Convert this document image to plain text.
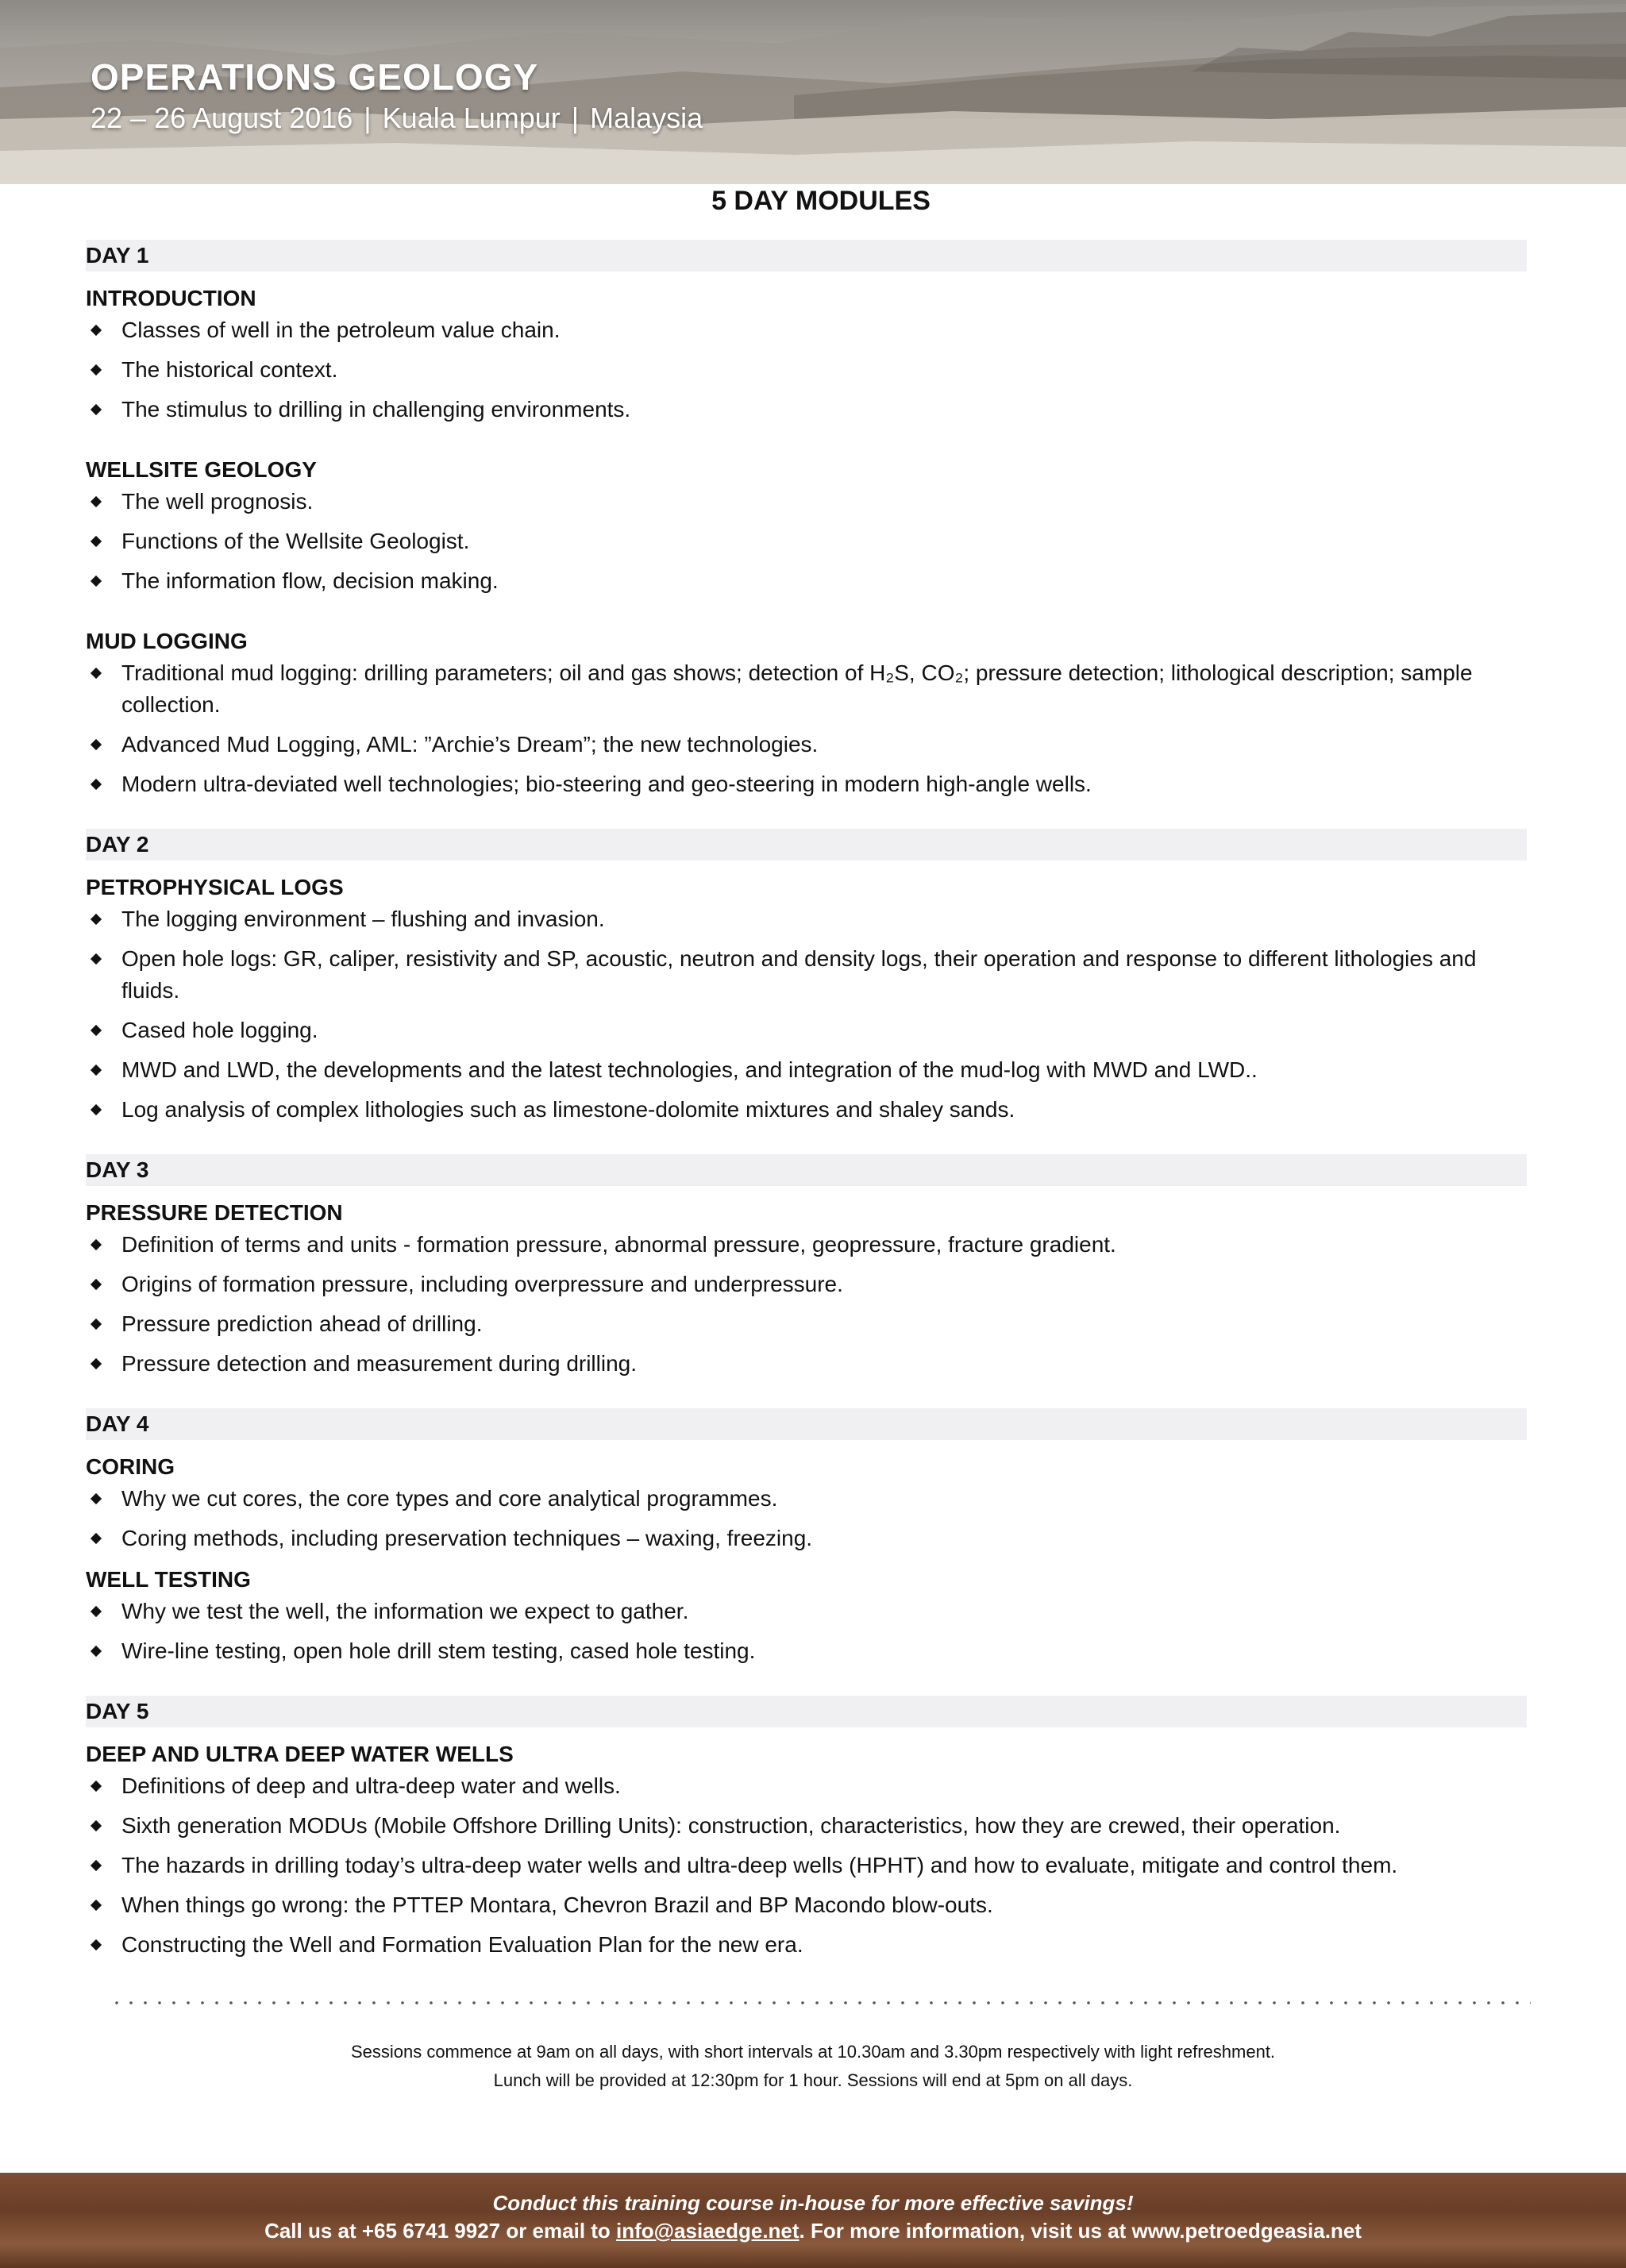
OPERATIONS GEOLOGY

22 – 26 August 2016 | Kuala Lumpur | Malaysia

5 DAY MODULES
DAY 1
INTRODUCTION
Classes of well in the petroleum value chain.
The historical context.
The stimulus to drilling in challenging environments.
WELLSITE GEOLOGY
The well prognosis.
Functions of the Wellsite Geologist.
The information flow, decision making.
MUD LOGGING
Traditional mud logging: drilling parameters; oil and gas shows; detection of H₂S, CO₂; pressure detection; lithological description; sample collection.
Advanced Mud Logging, AML: ”Archie’s Dream”; the new technologies.
Modern ultra-deviated well technologies; bio-steering and geo-steering in modern high-angle wells.
DAY 2
PETROPHYSICAL LOGS
The logging environment – flushing and invasion.
Open hole logs: GR, caliper, resistivity and SP, acoustic, neutron and density logs, their operation and response to different lithologies and fluids.
Cased hole logging.
MWD and LWD, the developments and the latest technologies, and integration of the mud-log with MWD and LWD..
Log analysis of complex lithologies such as limestone-dolomite mixtures and shaley sands.
DAY 3
PRESSURE DETECTION
Definition of terms and units - formation pressure, abnormal pressure, geopressure, fracture gradient.
Origins of formation pressure, including overpressure and underpressure.
Pressure prediction ahead of drilling.
Pressure detection and measurement during drilling.
DAY 4
CORING
Why we cut cores, the core types and core analytical programmes.
Coring methods, including preservation techniques – waxing, freezing.
WELL TESTING
Why we test the well, the information we expect to gather.
Wire-line testing, open hole drill stem testing, cased hole testing.
DAY 5
DEEP AND ULTRA DEEP WATER WELLS
Definitions of deep and ultra-deep water and wells.
Sixth generation MODUs (Mobile Offshore Drilling Units): construction, characteristics, how they are crewed, their operation.
The hazards in drilling today’s ultra-deep water wells and ultra-deep wells (HPHT) and how to evaluate, mitigate and control them.
When things go wrong: the PTTEP Montara, Chevron Brazil and BP Macondo blow-outs.
Constructing the Well and Formation Evaluation Plan for the new era.

Sessions commence at 9am on all days, with short intervals at 10.30am and 3.30pm respectively with light refreshment.

Lunch will be provided at 12:30pm for 1 hour. Sessions will end at 5pm on all days.

Conduct this training course in-house for more effective savings!

Call us at +65 6741 9927 or email to info@asiaedge.net. For more information, visit us at www.petroedgeasia.net
